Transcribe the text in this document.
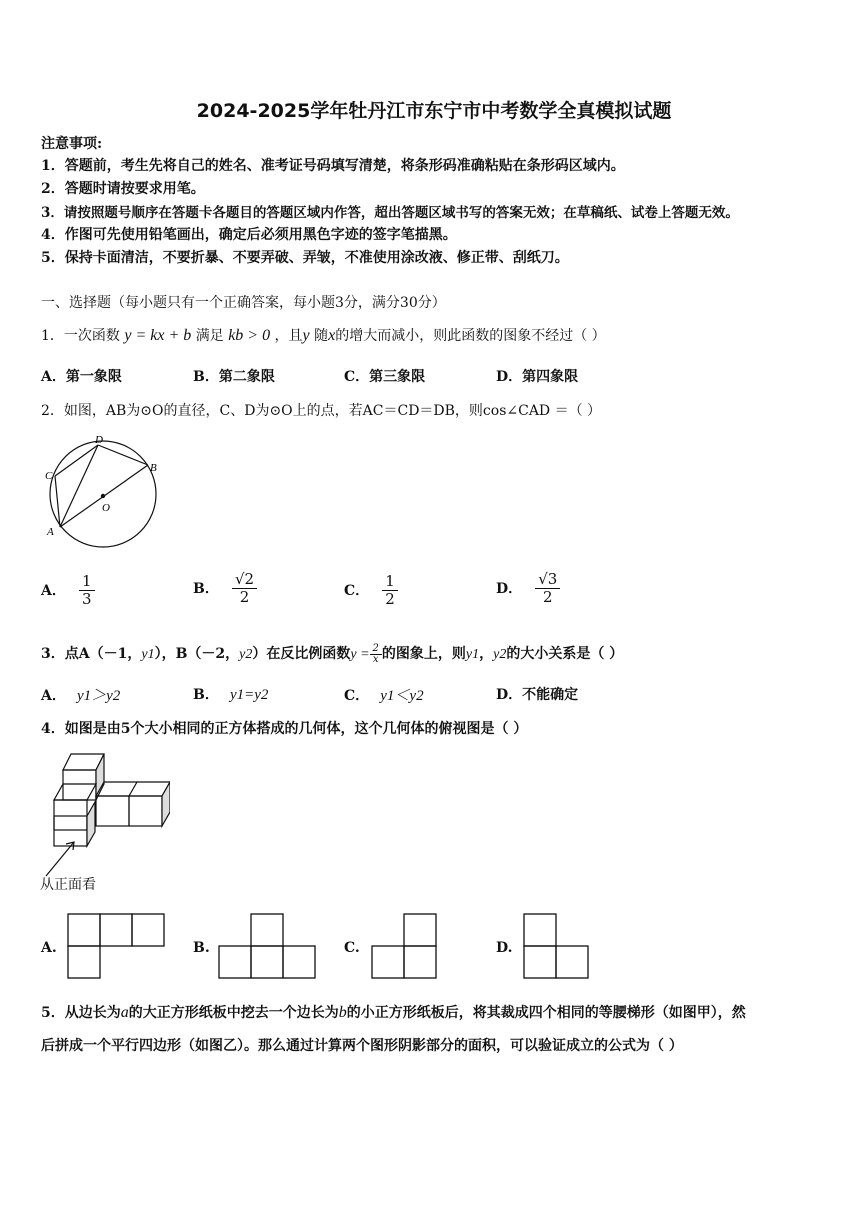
2024-2025学年牡丹江市东宁市中考数学全真模拟试题
注意事项:
1．答题前，考生先将自己的姓名、准考证号码填写清楚，将条形码准确粘贴在条形码区域内。
2．答题时请按要求用笔。
3．请按照题号顺序在答题卡各题目的答题区域内作答，超出答题区域书写的答案无效；在草稿纸、试卷上答题无效。
4．作图可先使用铅笔画出，确定后必须用黑色字迹的签字笔描黑。
5．保持卡面清洁，不要折暴、不要弄破、弄皱，不准使用涂改液、修正带、刮纸刀。
一、选择题（每小题只有一个正确答案，每小题3分，满分30分）
1．一次函数 y = kx + b 满足 kb > 0 ，且y 随x的增大而减小，则此函数的图象不经过（ ）
A．第一象限	B．第二象限	C．第三象限	D．第四象限
2．如图，AB为⊙O的直径，C、D为⊙O上的点，若AC＝CD＝DB，则cos∠CAD ＝（ ）
A
B
C
D
O
A． $\frac{1}{3}$	B． $\frac{√2}{2}$	C． $\frac{1}{2}$	D． $\frac{√3}{2}$
3．点A（－1，y1），B（－2，y2）在反比例函数$y = \frac{2}{x}$ 的图象上，则y1，y2的大小关系是（ ）
A． y1＞y2	B． y1=y2	C． y1＜y2	D．不能确定
4．如图是由5个大小相同的正方体搭成的几何体，这个几何体的俯视图是（ ）
从正面看
A.	B.	C.	D.
5．从边长为a的大正方形纸板中挖去一个边长为b的小正方形纸板后，将其裁成四个相同的等腰梯形（如图甲），然
后拼成一个平行四边形（如图乙）。那么通过计算两个图形阴影部分的面积，可以验证成立的公式为（ ）
